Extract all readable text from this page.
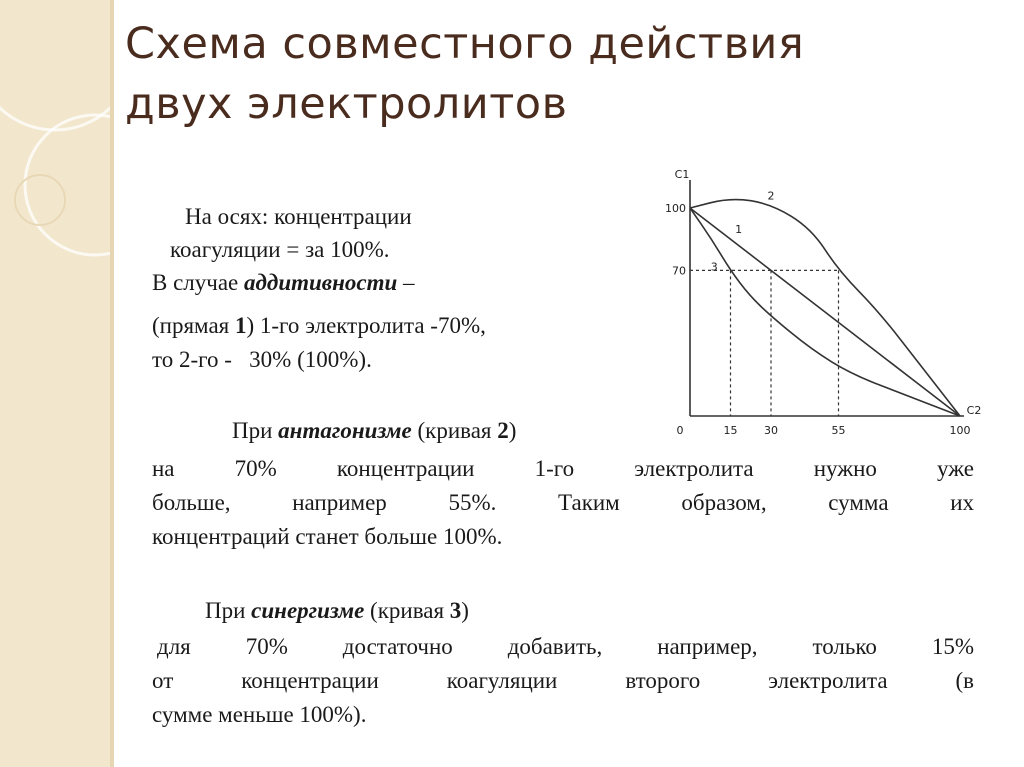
Схема совместного действия
двух электролитов
На осях: концентрации
коагуляции = за 100%.
В случае аддитивности –
(прямая 1) 1-го электролита -70%,
то 2-го -   30% (100%).
При антагонизме (кривая 2)
на 70% концентрации 1-го электролита нужно уже
больше, например 55%. Таким образом, сумма их
концентраций станет больше 100%.
При синергизме (кривая 3)
для 70% достаточно добавить, например, только 15%
от концентрации коагуляции второго электролита (в
сумме меньше 100%).
1
2
3
0	15 30	55	100
100
70
C1
C2
